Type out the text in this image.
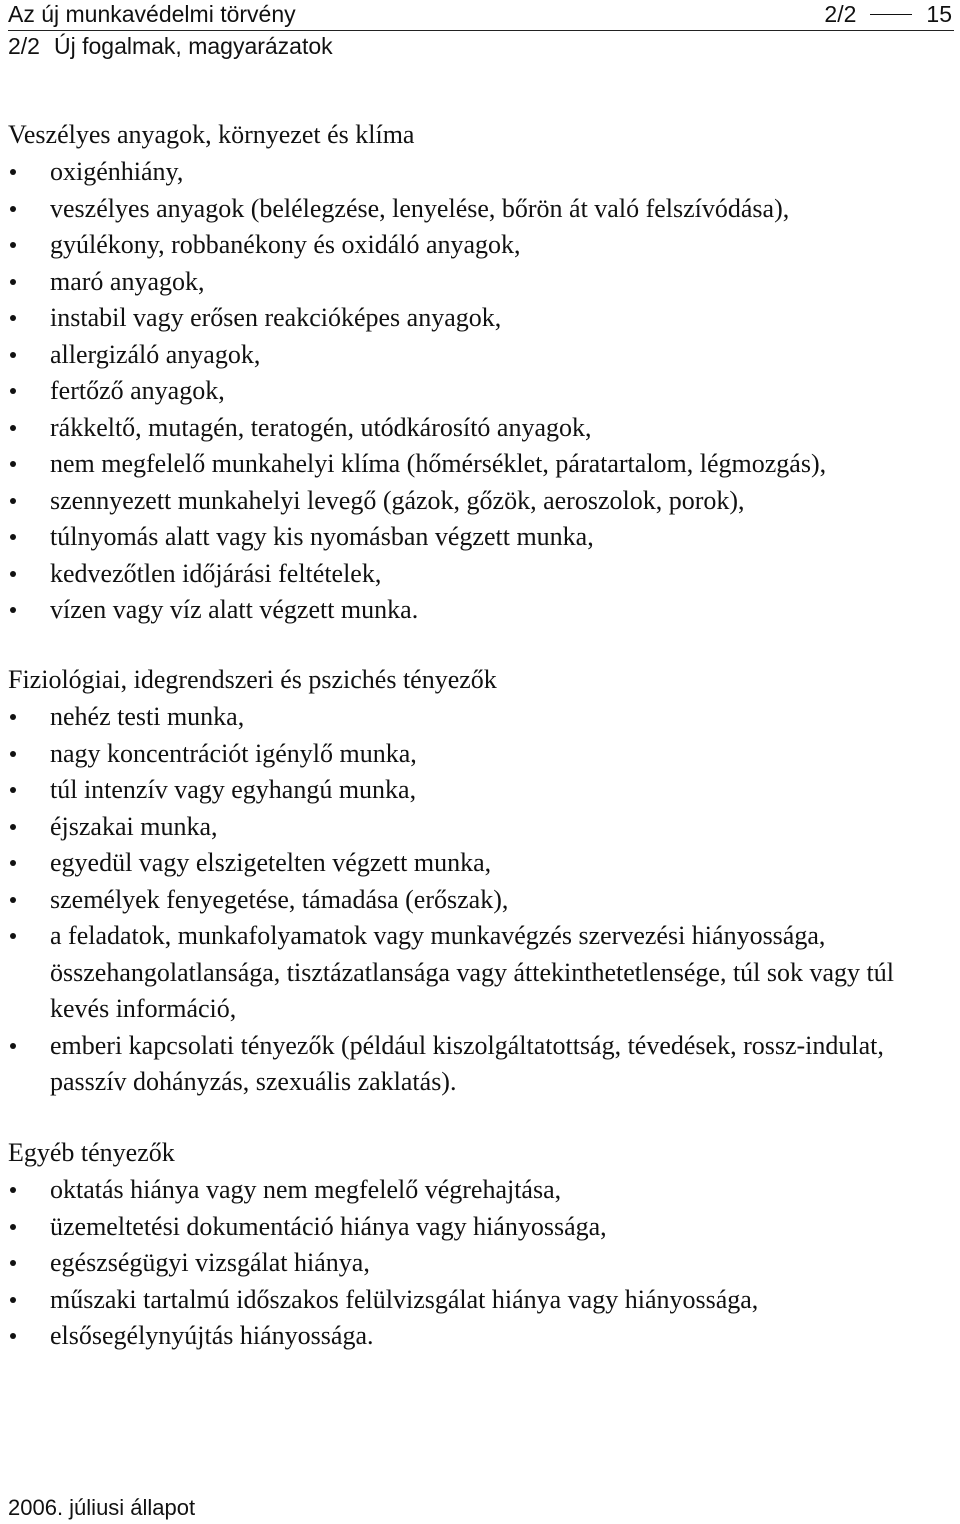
Az új munkavédelmi törvény	2/2	15
2/2 Új fogalmak, magyarázatok
Veszélyes anyagok, környezet és klíma
oxigénhiány,
veszélyes anyagok (belélegzése, lenyelése, bőrön át való felszívódása),
gyúlékony, robbanékony és oxidáló anyagok,
maró anyagok,
instabil vagy erősen reakcióképes anyagok,
allergizáló anyagok,
fertőző anyagok,
rákkeltő, mutagén, teratogén, utódkárosító anyagok,
nem megfelelő munkahelyi klíma (hőmérséklet, páratartalom, légmozgás),
szennyezett munkahelyi levegő (gázok, gőzök, aeroszolok, porok),
túlnyomás alatt vagy kis nyomásban végzett munka,
kedvezőtlen időjárási feltételek,
vízen vagy víz alatt végzett munka.
Fiziológiai, idegrendszeri és pszichés tényezők
nehéz testi munka,
nagy koncentrációt igénylő munka,
túl intenzív vagy egyhangú munka,
éjszakai munka,
egyedül vagy elszigetelten végzett munka,
személyek fenyegetése, támadása (erőszak),
a feladatok, munkafolyamatok vagy munkavégzés szervezési hiányossága, összehangolatlansága, tisztázatlansága vagy áttekinthetetlensége, túl sok vagy túl kevés információ,
emberi kapcsolati tényezők (például kiszolgáltatottság, tévedések, rossz-indulat, passzív dohányzás, szexuális zaklatás).
Egyéb tényezők
oktatás hiánya vagy nem megfelelő végrehajtása,
üzemeltetési dokumentáció hiánya vagy hiányossága,
egészségügyi vizsgálat hiánya,
műszaki tartalmú időszakos felülvizsgálat hiánya vagy hiányossága,
elsősegélynyújtás hiányossága.
2006. júliusi állapot
